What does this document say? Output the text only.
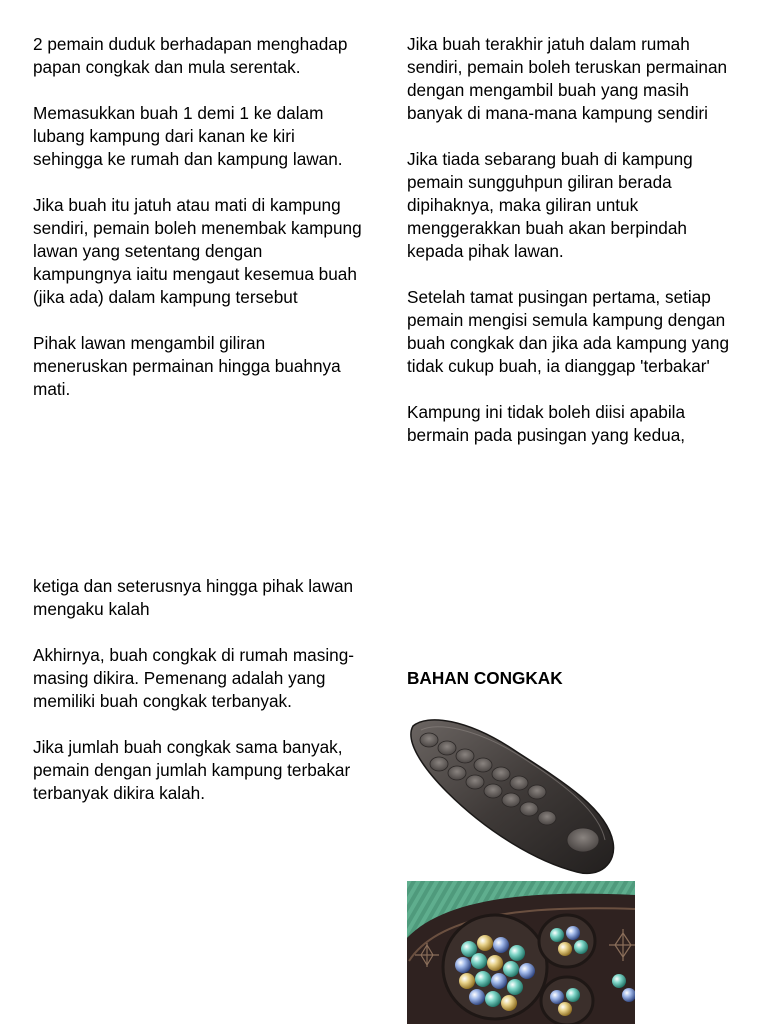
2 pemain duduk berhadapan menghadap papan congkak dan mula serentak.

Memasukkan buah 1 demi 1 ke dalam lubang kampung dari kanan ke kiri sehingga ke rumah dan kampung lawan.

Jika buah itu jatuh atau mati di kampung sendiri, pemain boleh menembak kampung lawan yang setentang dengan kampungnya iaitu mengaut kesemua buah (jika ada) dalam kampung tersebut

Pihak lawan mengambil giliran meneruskan permainan hingga buahnya mati.

Jika buah terakhir jatuh dalam rumah sendiri, pemain boleh teruskan permainan dengan mengambil buah yang masih banyak di mana-mana kampung sendiri

Jika tiada sebarang buah di kampung pemain sungguhpun giliran berada dipihaknya, maka giliran untuk menggerakkan buah akan berpindah kepada pihak lawan.

Setelah tamat pusingan pertama, setiap pemain mengisi semula kampung dengan buah congkak dan jika ada kampung yang tidak cukup buah, ia dianggap 'terbakar'

Kampung ini tidak boleh diisi apabila bermain pada pusingan yang kedua,

ketiga dan seterusnya hingga pihak lawan mengaku kalah

Akhirnya, buah congkak di rumah masing-masing dikira. Pemenang adalah yang memiliki buah congkak terbanyak.

Jika jumlah buah congkak sama banyak, pemain dengan jumlah kampung terbakar terbanyak dikira kalah.

BAHAN CONGKAK
